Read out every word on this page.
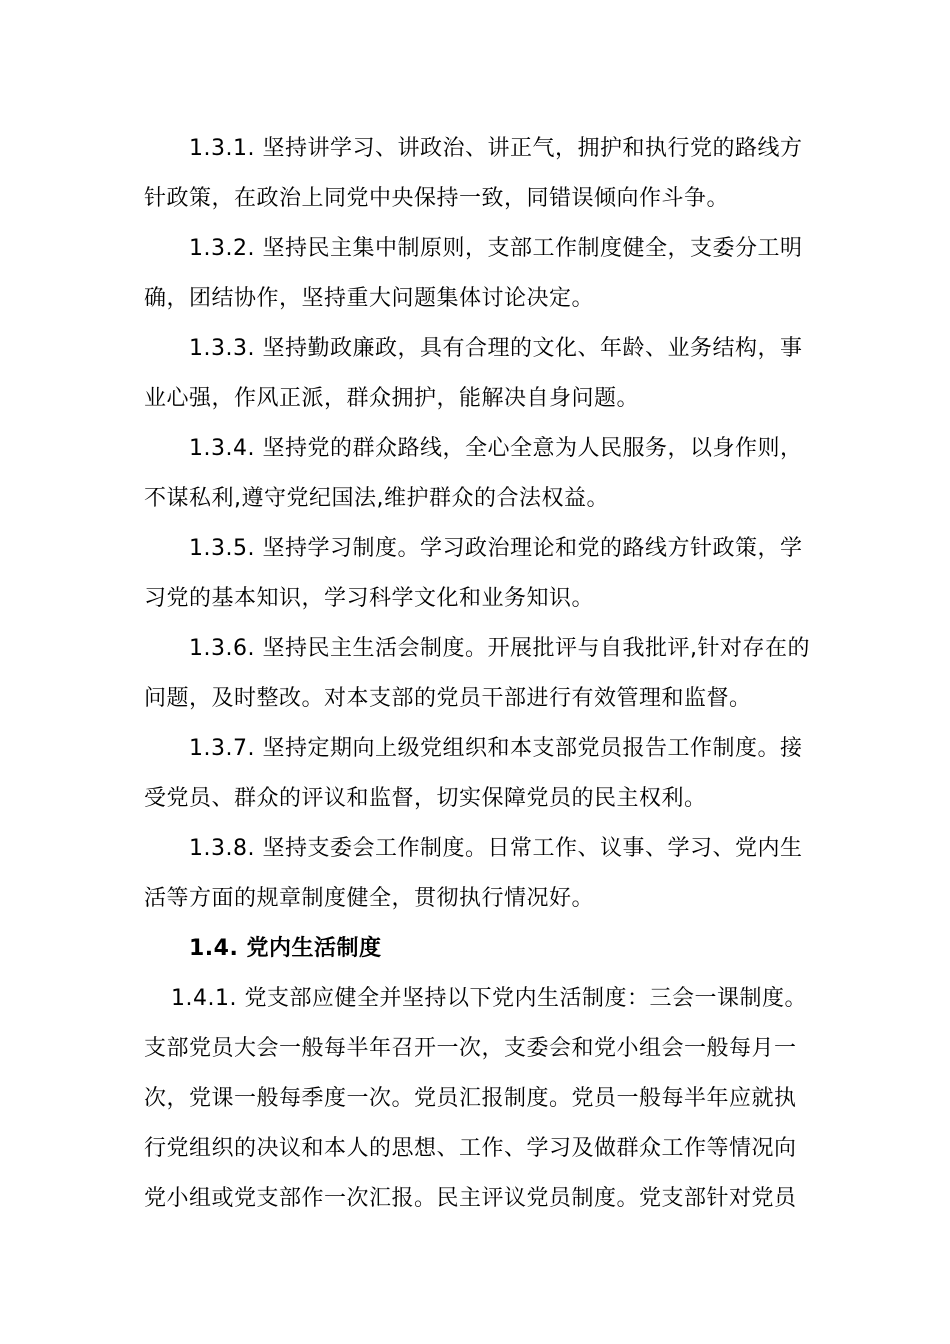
1.3.1. 坚持讲学习、讲政治、讲正气，拥护和执行党的路线方
针政策，在政治上同党中央保持一致，同错误倾向作斗争。
1.3.2. 坚持民主集中制原则，支部工作制度健全，支委分工明
确，团结协作，坚持重大问题集体讨论决定。
1.3.3. 坚持勤政廉政，具有合理的文化、年龄、业务结构，事
业心强，作风正派，群众拥护，能解决自身问题。
1.3.4. 坚持党的群众路线，全心全意为人民服务，以身作则，
不谋私利,遵守党纪国法,维护群众的合法权益。
1.3.5. 坚持学习制度。学习政治理论和党的路线方针政策，学
习党的基本知识，学习科学文化和业务知识。
1.3.6. 坚持民主生活会制度。开展批评与自我批评,针对存在的
问题，及时整改。对本支部的党员干部进行有效管理和监督。
1.3.7. 坚持定期向上级党组织和本支部党员报告工作制度。接
受党员、群众的评议和监督，切实保障党员的民主权利。
1.3.8. 坚持支委会工作制度。日常工作、议事、学习、党内生
活等方面的规章制度健全，贯彻执行情况好。
1.4. 党内生活制度
1.4.1. 党支部应健全并坚持以下党内生活制度：三会一课制度。
支部党员大会一般每半年召开一次，支委会和党小组会一般每月一
次，党课一般每季度一次。党员汇报制度。党员一般每半年应就执
行党组织的决议和本人的思想、工作、学习及做群众工作等情况向
党小组或党支部作一次汇报。民主评议党员制度。党支部针对党员
